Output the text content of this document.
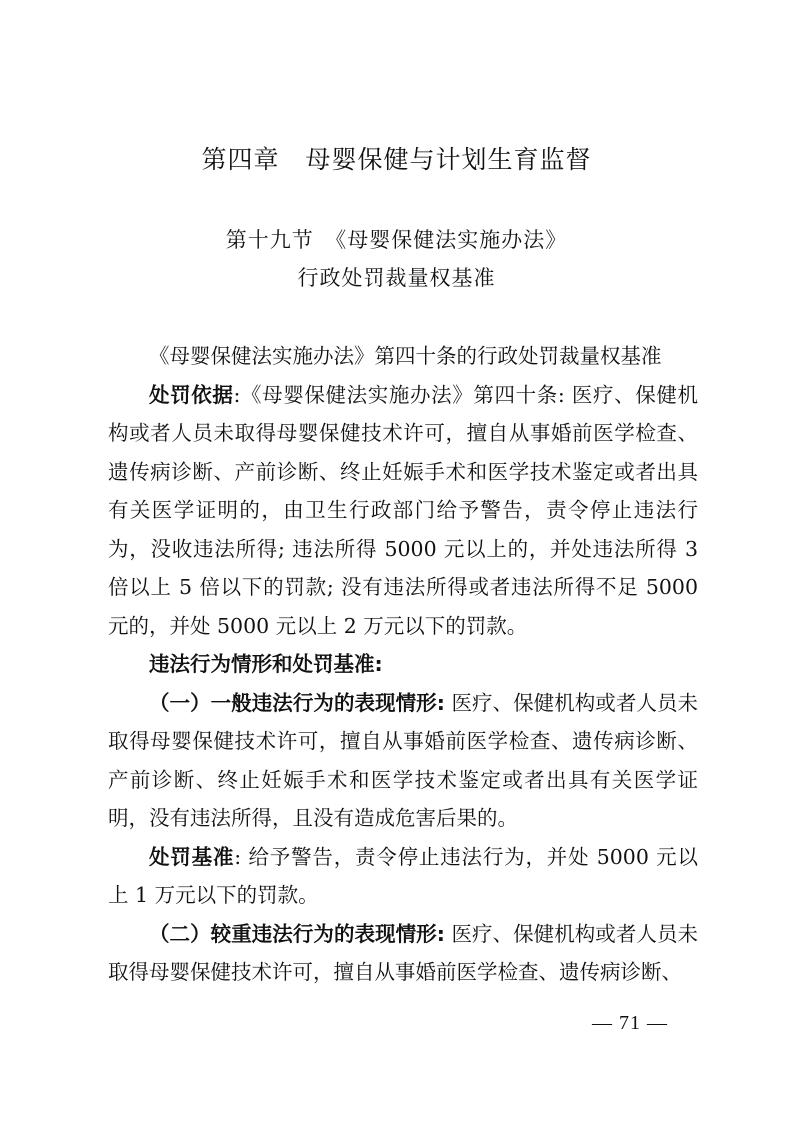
第四章　母婴保健与计划生育监督
第十九节　《母婴保健法实施办法》
行政处罚裁量权基准

《母婴保健法实施办法》第四十条的行政处罚裁量权基准

处罚依据:《母婴保健法实施办法》第四十条: 医疗、保健机构或者人员未取得母婴保健技术许可，擅自从事婚前医学检查、遗传病诊断、产前诊断、终止妊娠手术和医学技术鉴定或者出具有关医学证明的，由卫生行政部门给予警告，责令停止违法行为，没收违法所得; 违法所得 5000 元以上的，并处违法所得 3 倍以上 5 倍以下的罚款; 没有违法所得或者违法所得不足 5000 元的，并处 5000 元以上 2 万元以下的罚款。

违法行为情形和处罚基准:

（一）一般违法行为的表现情形: 医疗、保健机构或者人员未取得母婴保健技术许可，擅自从事婚前医学检查、遗传病诊断、产前诊断、终止妊娠手术和医学技术鉴定或者出具有关医学证明，没有违法所得，且没有造成危害后果的。

处罚基准: 给予警告，责令停止违法行为，并处 5000 元以上 1 万元以下的罚款。

（二）较重违法行为的表现情形: 医疗、保健机构或者人员未取得母婴保健技术许可，擅自从事婚前医学检查、遗传病诊断、

— 71 —
